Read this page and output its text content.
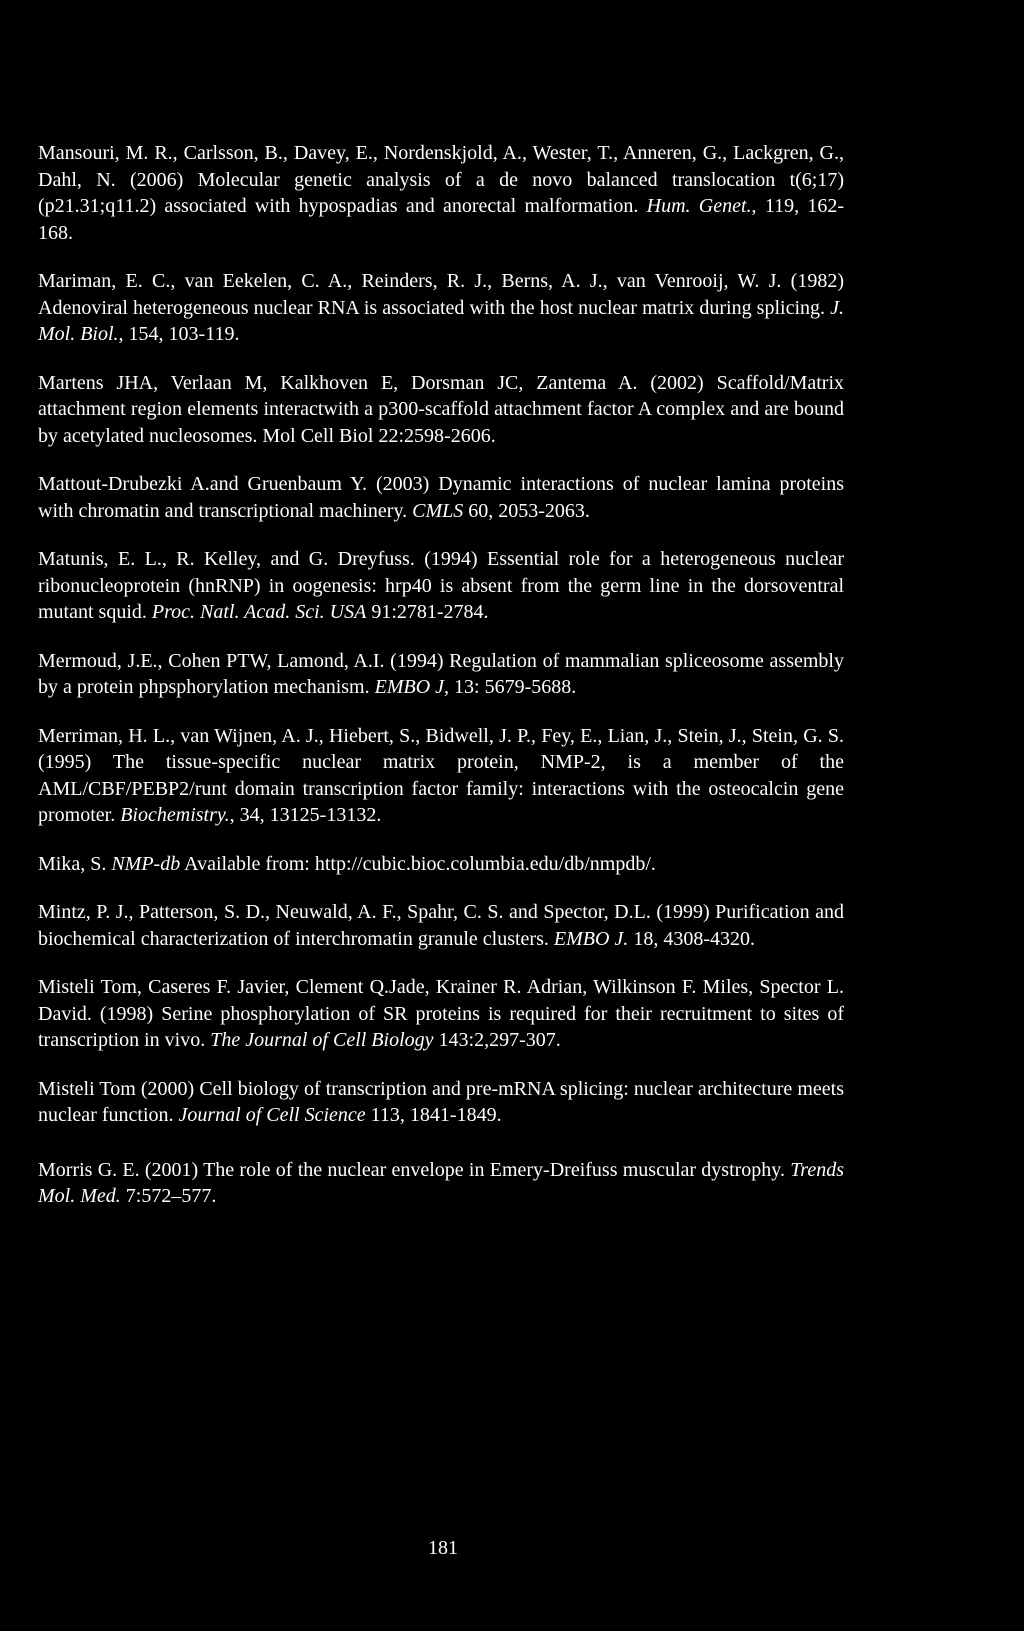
Mansouri, M. R., Carlsson, B., Davey, E., Nordenskjold, A., Wester, T., Anneren, G., Lackgren, G., Dahl, N. (2006) Molecular genetic analysis of a de novo balanced translocation t(6;17)(p21.31;q11.2) associated with hypospadias and anorectal malformation. Hum. Genet., 119, 162-168.

Mariman, E. C., van Eekelen, C. A., Reinders, R. J., Berns, A. J., van Venrooij, W. J. (1982) Adenoviral heterogeneous nuclear RNA is associated with the host nuclear matrix during splicing. J. Mol. Biol., 154, 103-119.

Martens JHA, Verlaan M, Kalkhoven E, Dorsman JC, Zantema A. (2002) Scaffold/Matrix attachment region elements interactwith a p300-scaffold attachment factor A complex and are bound by acetylated nucleosomes. Mol Cell Biol 22:2598-2606.

Mattout-Drubezki A.and Gruenbaum Y. (2003) Dynamic interactions of nuclear lamina proteins with chromatin and transcriptional machinery. CMLS 60, 2053-2063.

Matunis, E. L., R. Kelley, and G. Dreyfuss. (1994) Essential role for a heterogeneous nuclear ribonucleoprotein (hnRNP) in oogenesis: hrp40 is absent from the germ line in the dorsoventral mutant squid. Proc. Natl. Acad. Sci. USA 91:2781-2784.

Mermoud, J.E., Cohen PTW, Lamond, A.I. (1994) Regulation of mammalian spliceosome assembly by a protein phpsphorylation mechanism. EMBO J, 13: 5679-5688.

Merriman, H. L., van Wijnen, A. J., Hiebert, S., Bidwell, J. P., Fey, E., Lian, J., Stein, J., Stein, G. S. (1995) The tissue-specific nuclear matrix protein, NMP-2, is a member of the AML/CBF/PEBP2/runt domain transcription factor family: interactions with the osteocalcin gene promoter. Biochemistry., 34, 13125-13132.

Mika, S. NMP-db Available from: http://cubic.bioc.columbia.edu/db/nmpdb/.

Mintz, P. J., Patterson, S. D., Neuwald, A. F., Spahr, C. S. and Spector, D.L. (1999) Purification and biochemical characterization of interchromatin granule clusters. EMBO J. 18, 4308-4320.

Misteli Tom, Caseres F. Javier, Clement Q.Jade, Krainer R. Adrian, Wilkinson F. Miles, Spector L. David. (1998) Serine phosphorylation of SR proteins is required for their recruitment to sites of transcription in vivo. The Journal of Cell Biology 143:2,297-307.

Misteli Tom (2000) Cell biology of transcription and pre-mRNA splicing: nuclear architecture meets nuclear function. Journal of Cell Science 113, 1841-1849.

Morris G. E. (2001) The role of the nuclear envelope in Emery-Dreifuss muscular dystrophy. Trends Mol. Med. 7:572–577.

181
